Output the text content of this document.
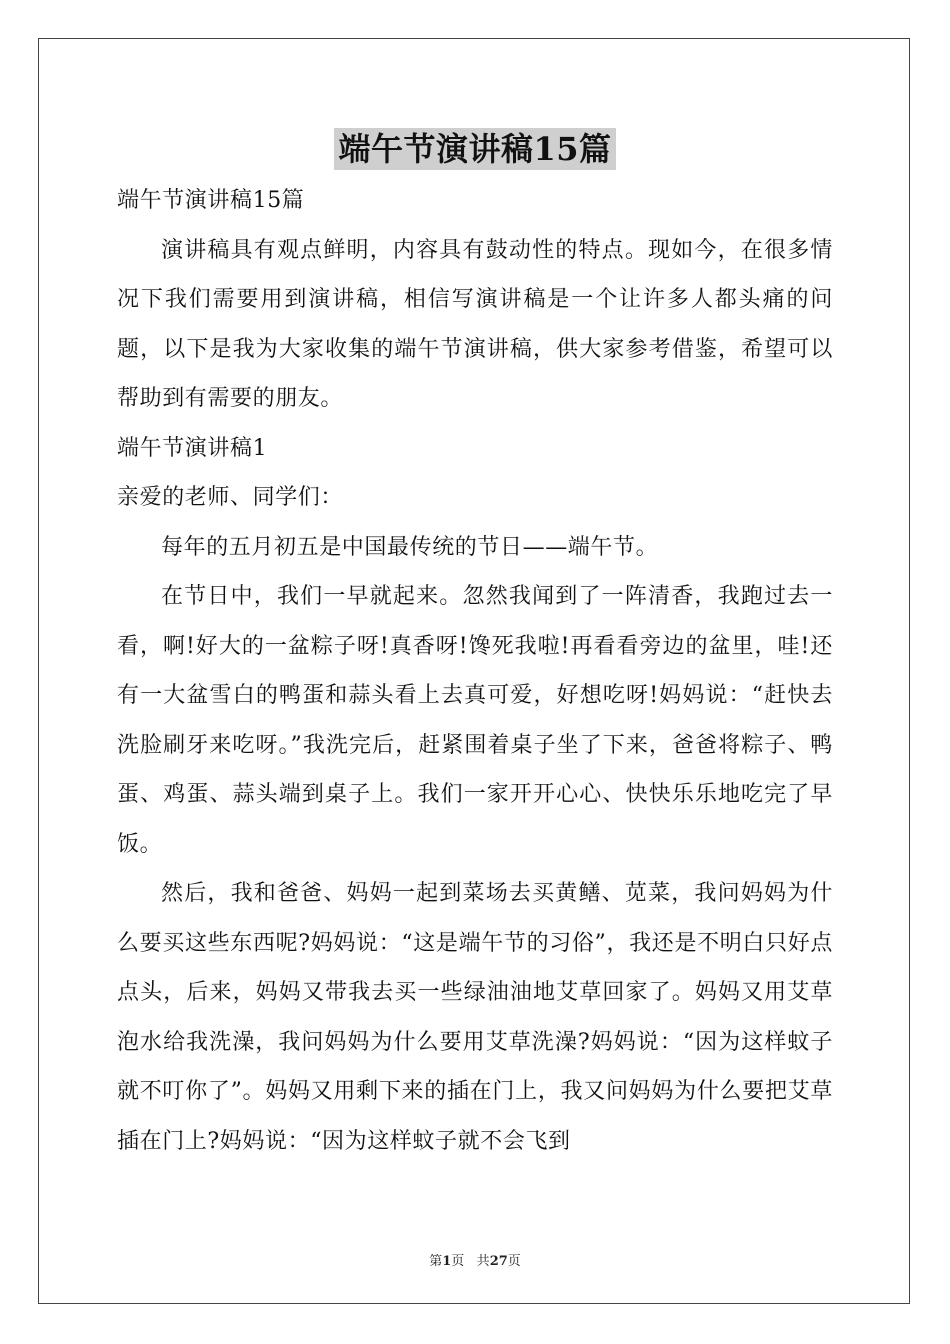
端午节演讲稿15篇

端午节演讲稿15篇

演讲稿具有观点鲜明，内容具有鼓动性的特点。现如今，在很多情况下我们需要用到演讲稿，相信写演讲稿是一个让许多人都头痛的问题，以下是我为大家收集的端午节演讲稿，供大家参考借鉴，希望可以帮助到有需要的朋友。

端午节演讲稿1

亲爱的老师、同学们：

每年的五月初五是中国最传统的节日——端午节。

在节日中，我们一早就起来。忽然我闻到了一阵清香，我跑过去一看，啊!好大的一盆粽子呀!真香呀!馋死我啦!再看看旁边的盆里，哇!还有一大盆雪白的鸭蛋和蒜头看上去真可爱，好想吃呀!妈妈说：“赶快去洗脸刷牙来吃呀。”我洗完后，赶紧围着桌子坐了下来，爸爸将粽子、鸭蛋、鸡蛋、蒜头端到桌子上。我们一家开开心心、快快乐乐地吃完了早饭。

然后，我和爸爸、妈妈一起到菜场去买黄鳝、苋菜，我问妈妈为什么要买这些东西呢?妈妈说：“这是端午节的习俗”，我还是不明白只好点点头，后来，妈妈又带我去买一些绿油油地艾草回家了。妈妈又用艾草泡水给我洗澡，我问妈妈为什么要用艾草洗澡?妈妈说：“因为这样蚊子就不叮你了”。妈妈又用剩下来的插在门上，我又问妈妈为什么要把艾草插在门上?妈妈说：“因为这样蚊子就不会飞到

第1页 共27页
